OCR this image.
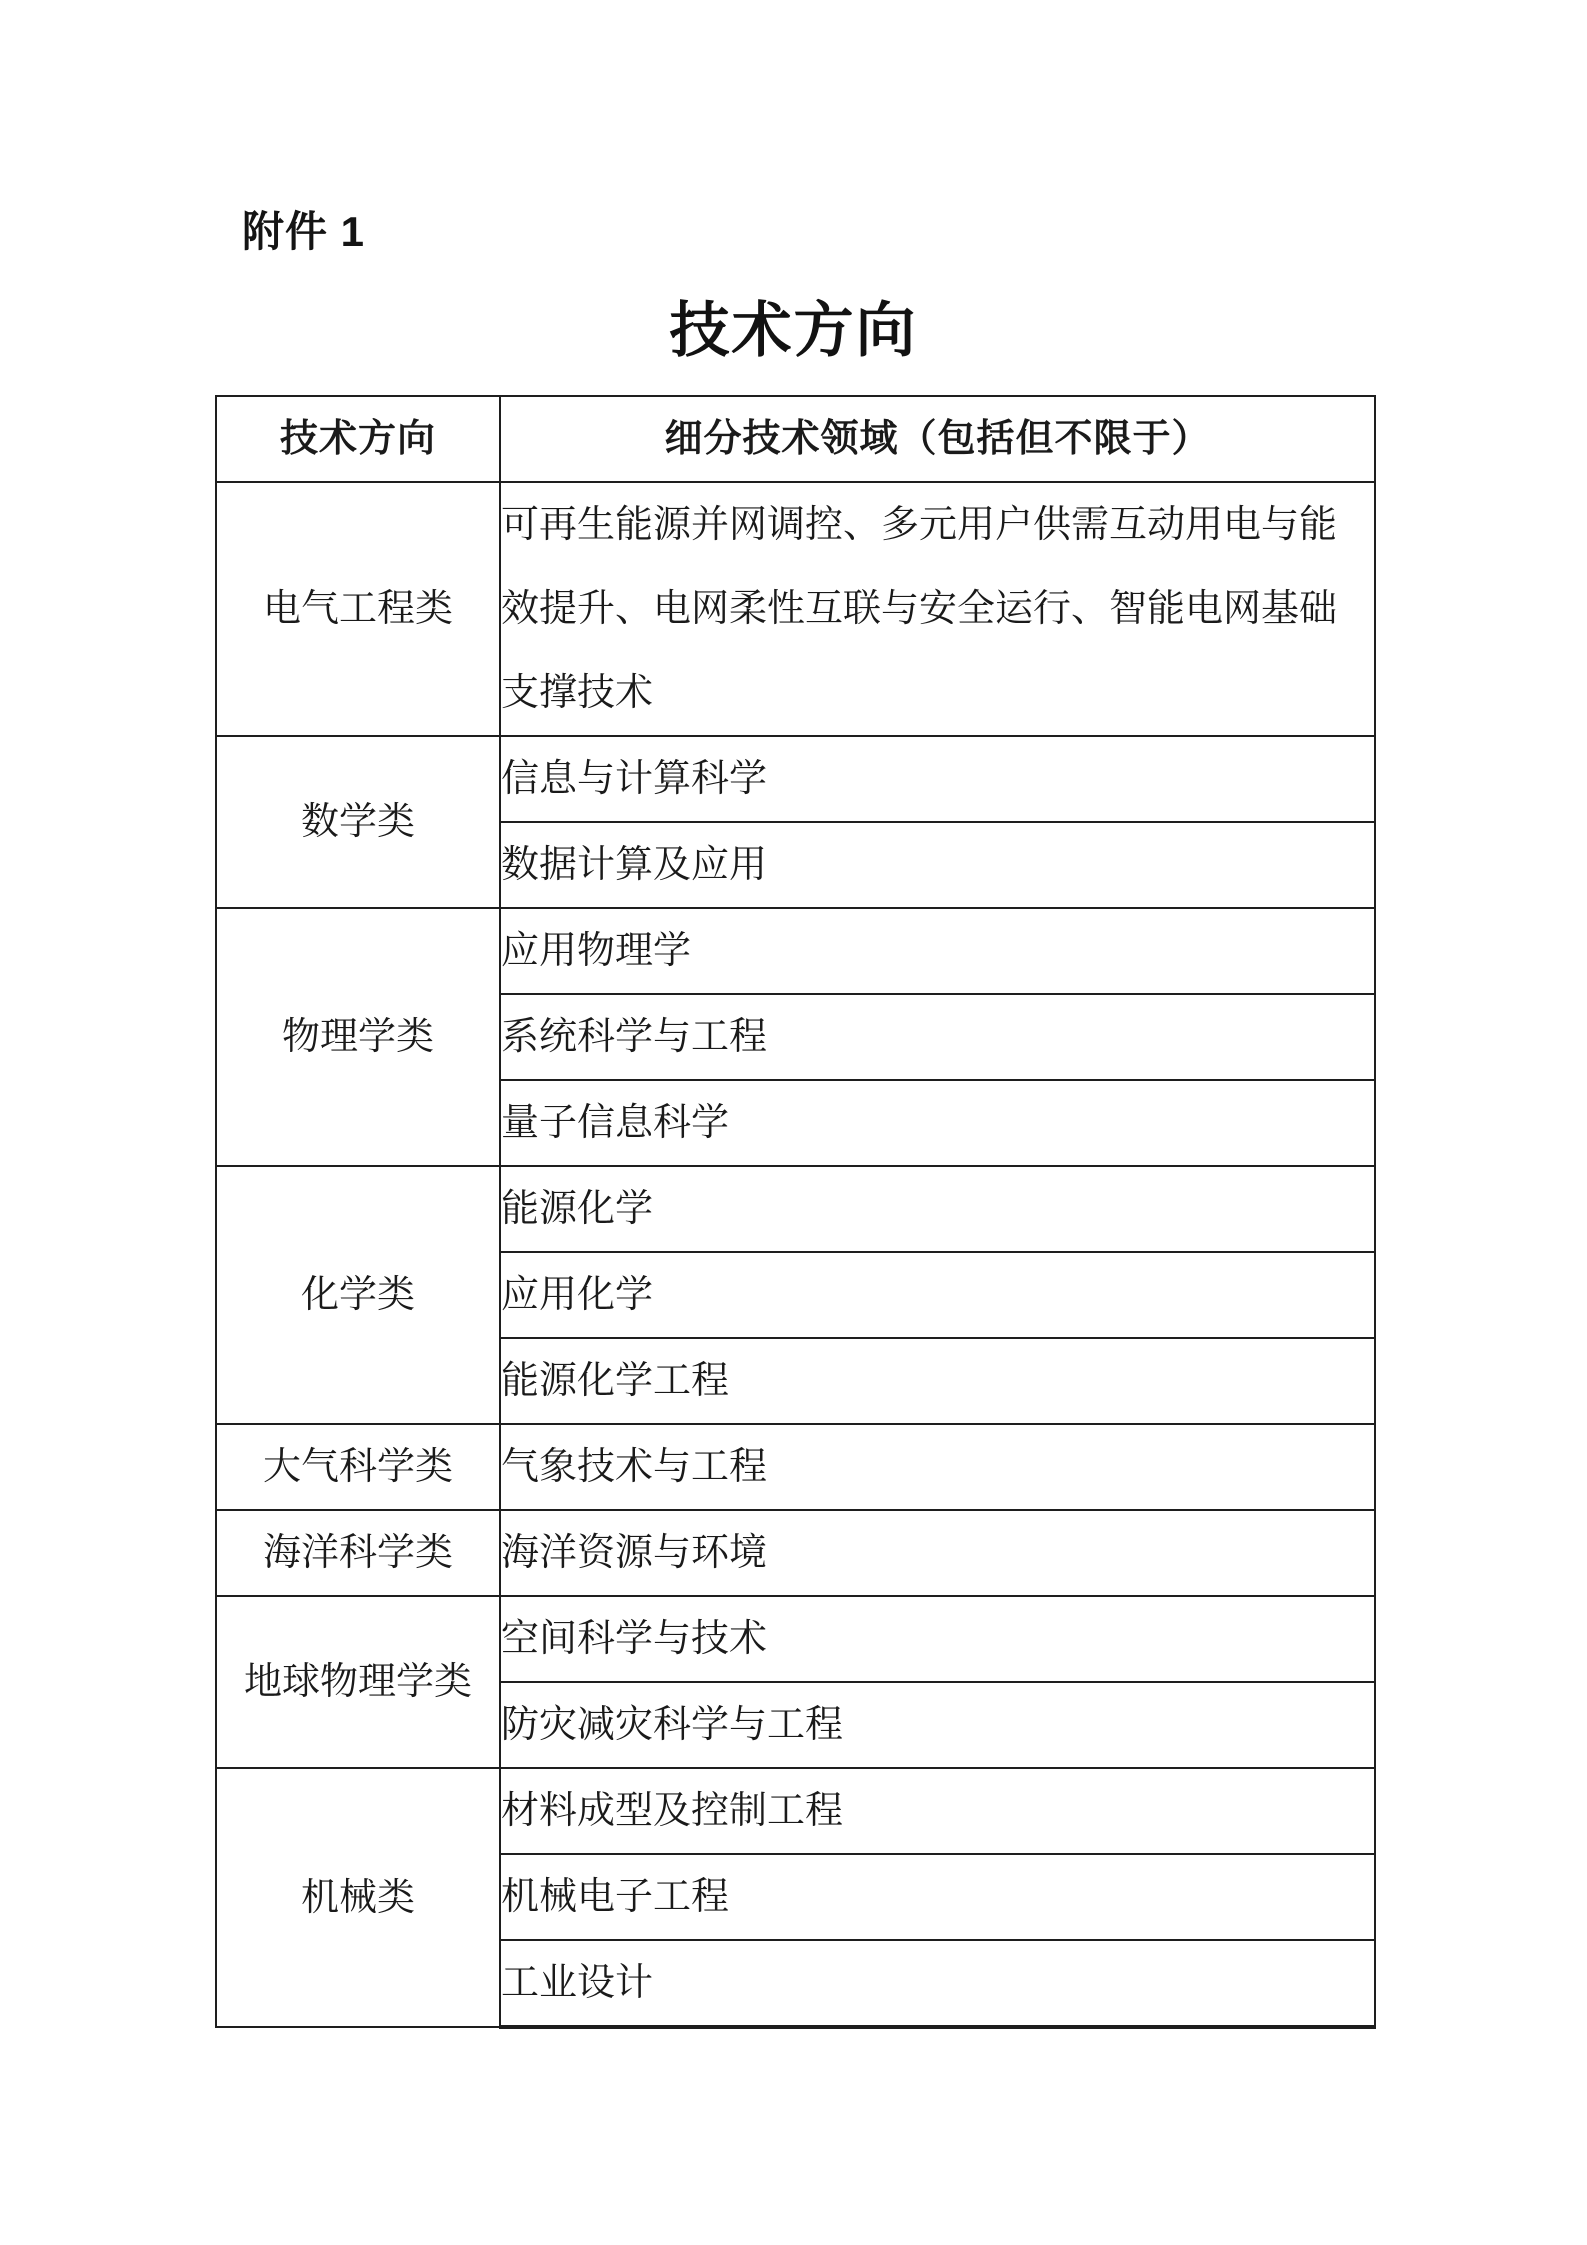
附件 1
技术方向
技术方向	细分技术领域（包括但不限于）
电气工程类	可再生能源并网调控、多元用户供需互动用电与能效提升、电网柔性互联与安全运行、智能电网基础支撑技术
数学类	信息与计算科学
	数据计算及应用
物理学类	应用物理学
	系统科学与工程
	量子信息科学
化学类	能源化学
	应用化学
	能源化学工程
大气科学类	气象技术与工程
海洋科学类	海洋资源与环境
地球物理学类	空间科学与技术
	防灾减灾科学与工程
机械类	材料成型及控制工程
	机械电子工程
	工业设计
